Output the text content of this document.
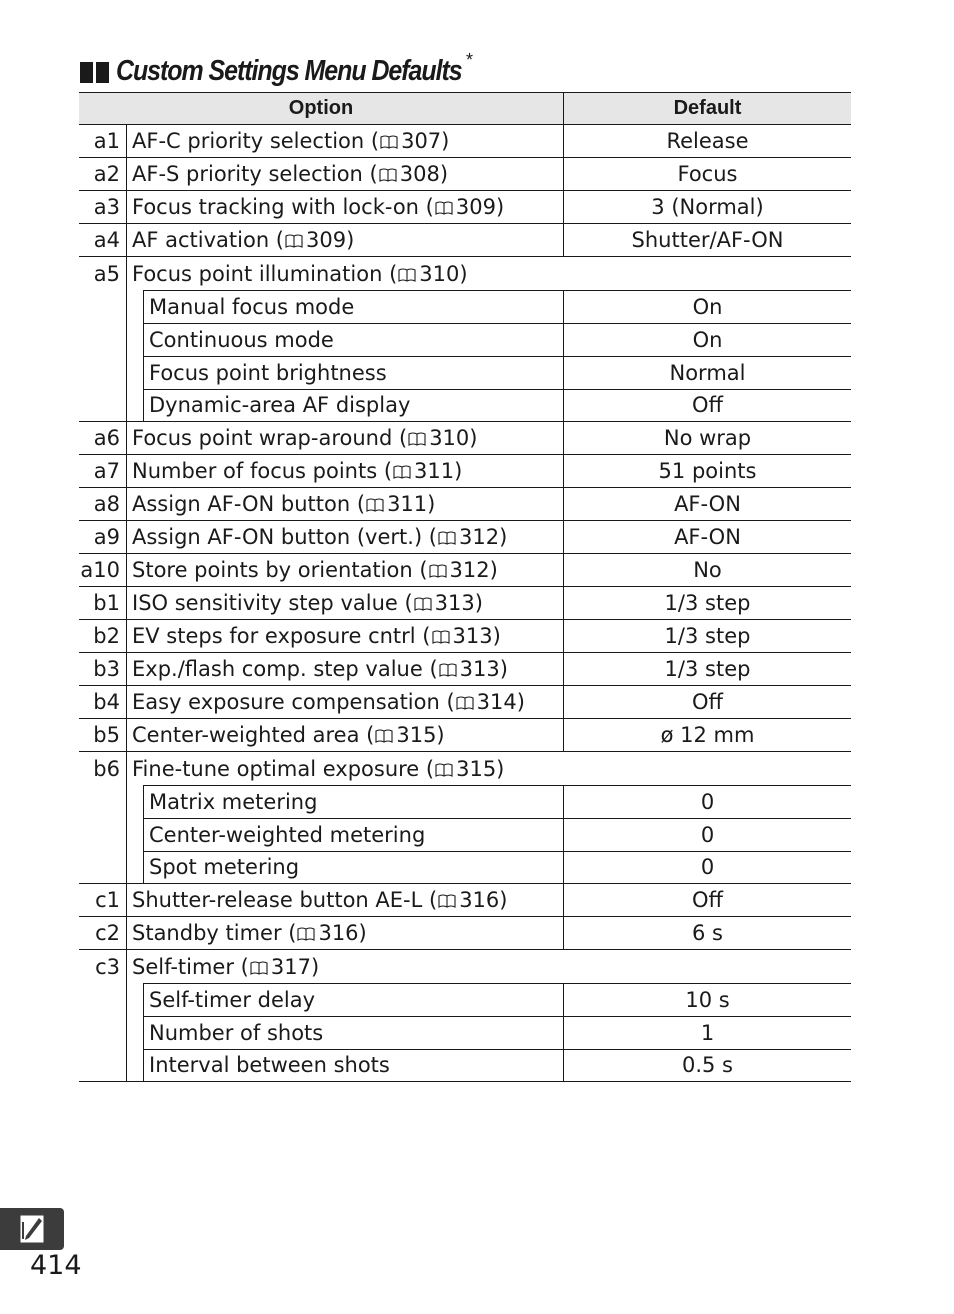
Custom Settings Menu Defaults *
Option	Default
a1 AF-C priority selection ( 307)	Release
a2 AF-S priority selection ( 308)	Focus
a3 Focus tracking with lock-on ( 309)	3 (Normal)
a4 AF activation ( 309)	Shutter/AF-ON
a5 Focus point illumination ( 310)
Manual focus mode	On
Continuous mode	On
Focus point brightness	Normal
Dynamic-area AF display	Off
a6 Focus point wrap-around ( 310)	No wrap
a7 Number of focus points ( 311)	51 points
a8 Assign AF-ON button ( 311)	AF-ON
a9 Assign AF-ON button (vert.) ( 312)	AF-ON
a10 Store points by orientation ( 312)	No
b1 ISO sensitivity step value ( 313)	1/3 step
b2 EV steps for exposure cntrl ( 313)	1/3 step
b3 Exp./flash comp. step value ( 313)	1/3 step
b4 Easy exposure compensation ( 314)	Off
b5 Center-weighted area ( 315)	ø 12 mm
b6 Fine-tune optimal exposure ( 315)
Matrix metering	0
Center-weighted metering	0
Spot metering	0
c1 Shutter-release button AE-L ( 316)	Off
c2 Standby timer ( 316)	6 s
c3 Self-timer ( 317)
Self-timer delay	10 s
Number of shots	1
Interval between shots	0.5 s
414
